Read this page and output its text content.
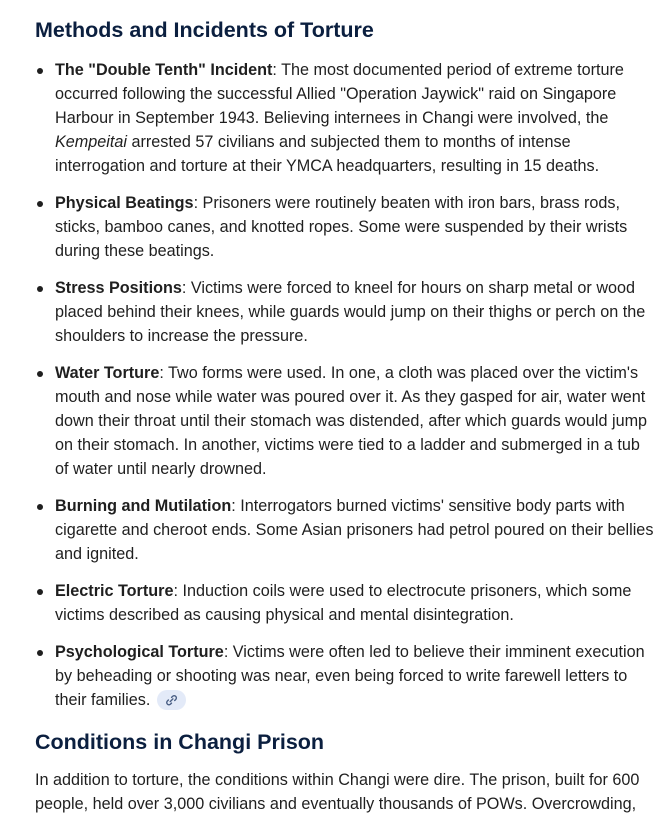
Methods and Incidents of Torture
The "Double Tenth" Incident: The most documented period of extreme torture
occurred following the successful Allied "Operation Jaywick" raid on Singapore
Harbour in September 1943. Believing internees in Changi were involved, the
Kempeitai arrested 57 civilians and subjected them to months of intense
interrogation and torture at their YMCA headquarters, resulting in 15 deaths.
Physical Beatings: Prisoners were routinely beaten with iron bars, brass rods,
sticks, bamboo canes, and knotted ropes. Some were suspended by their wrists
during these beatings.
Stress Positions: Victims were forced to kneel for hours on sharp metal or wood
placed behind their knees, while guards would jump on their thighs or perch on the
shoulders to increase the pressure.
Water Torture: Two forms were used. In one, a cloth was placed over the victim's
mouth and nose while water was poured over it. As they gasped for air, water went
down their throat until their stomach was distended, after which guards would jump
on their stomach. In another, victims were tied to a ladder and submerged in a tub
of water until nearly drowned.
Burning and Mutilation: Interrogators burned victims' sensitive body parts with
cigarette and cheroot ends. Some Asian prisoners had petrol poured on their bellies
and ignited.
Electric Torture: Induction coils were used to electrocute prisoners, which some
victims described as causing physical and mental disintegration.
Psychological Torture: Victims were often led to believe their imminent execution
by beheading or shooting was near, even being forced to write farewell letters to
their families.
Conditions in Changi Prison

In addition to torture, the conditions within Changi were dire. The prison, built for 600
people, held over 3,000 civilians and eventually thousands of POWs. Overcrowding,
